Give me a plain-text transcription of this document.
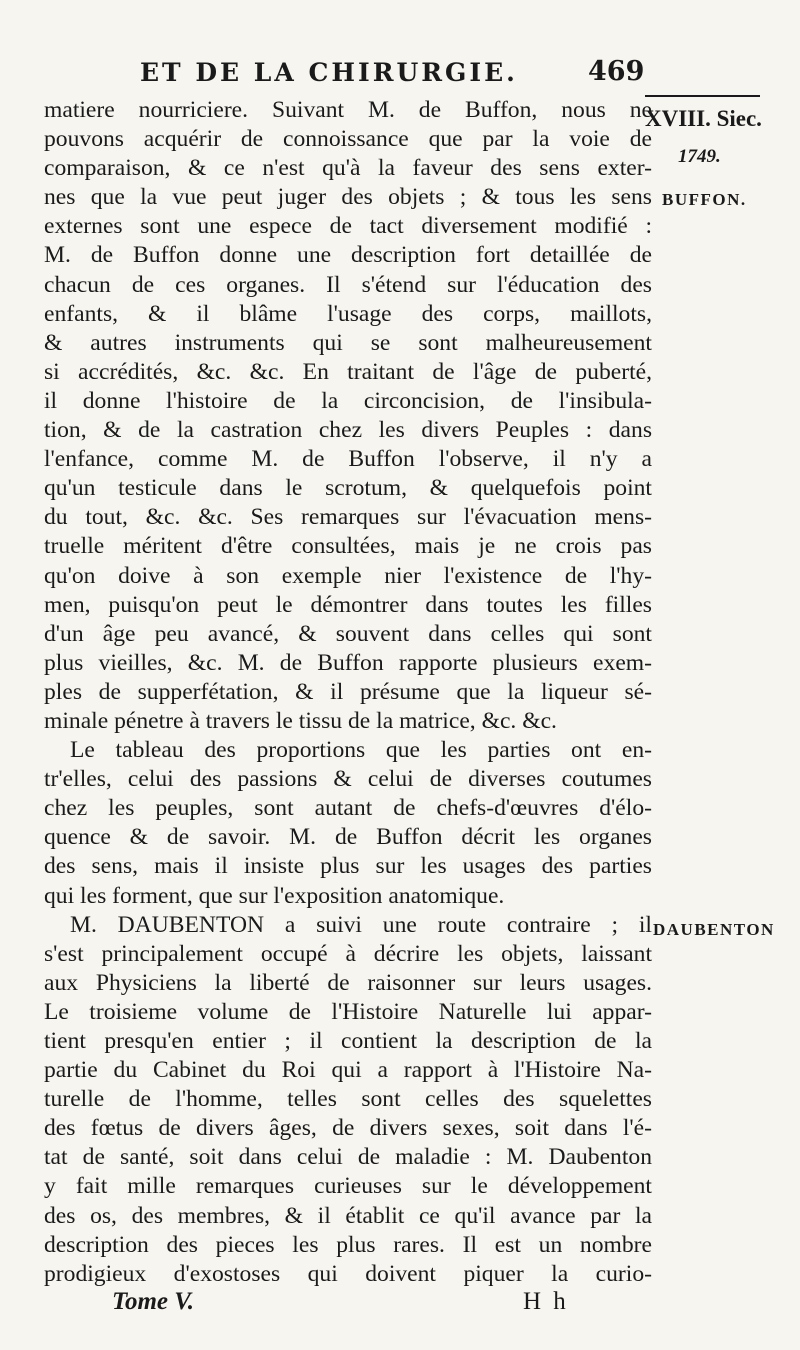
ET DE LA CHIRURGIE.	469
XVIII. Siec.
1749.
BUFFON.
DAUBENTON
matiere nourriciere. Suivant M. de Buffon, nous ne
pouvons acquérir de connoissance que par la voie de
comparaison, & ce n'est qu'à la faveur des sens exter-
nes que la vue peut juger des objets ; & tous les sens
externes sont une espece de tact diversement modifié :
M. de Buffon donne une description fort detaillée de
chacun de ces organes. Il s'étend sur l'éducation des
enfants, & il blâme l'usage des corps, maillots,
& autres instruments qui se sont malheureusement
si accrédités, &c. &c. En traitant de l'âge de puberté,
il donne l'histoire de la circoncision, de l'insibula-
tion, & de la castration chez les divers Peuples : dans
l'enfance, comme M. de Buffon l'observe, il n'y a
qu'un testicule dans le scrotum, & quelquefois point
du tout, &c. &c. Ses remarques sur l'évacuation mens-
truelle méritent d'être consultées, mais je ne crois pas
qu'on doive à son exemple nier l'existence de l'hy-
men, puisqu'on peut le démontrer dans toutes les filles
d'un âge peu avancé, & souvent dans celles qui sont
plus vieilles, &c. M. de Buffon rapporte plusieurs exem-
ples de supperfétation, & il présume que la liqueur sé-
minale pénetre à travers le tissu de la matrice, &c. &c.
Le tableau des proportions que les parties ont en-
tr'elles, celui des passions & celui de diverses coutumes
chez les peuples, sont autant de chefs-d'œuvres d'élo-
quence & de savoir. M. de Buffon décrit les organes
des sens, mais il insiste plus sur les usages des parties
qui les forment, que sur l'exposition anatomique.
M. DAUBENTON a suivi une route contraire ; il
s'est principalement occupé à décrire les objets, laissant
aux Physiciens la liberté de raisonner sur leurs usages.
Le troisieme volume de l'Histoire Naturelle lui appar-
tient presqu'en entier ; il contient la description de la
partie du Cabinet du Roi qui a rapport à l'Histoire Na-
turelle de l'homme, telles sont celles des squelettes
des fœtus de divers âges, de divers sexes, soit dans l'é-
tat de santé, soit dans celui de maladie : M. Daubenton
y fait mille remarques curieuses sur le développement
des os, des membres, & il établit ce qu'il avance par la
description des pieces les plus rares. Il est un nombre
prodigieux d'exostoses qui doivent piquer la curio-
Tome V.	H h
